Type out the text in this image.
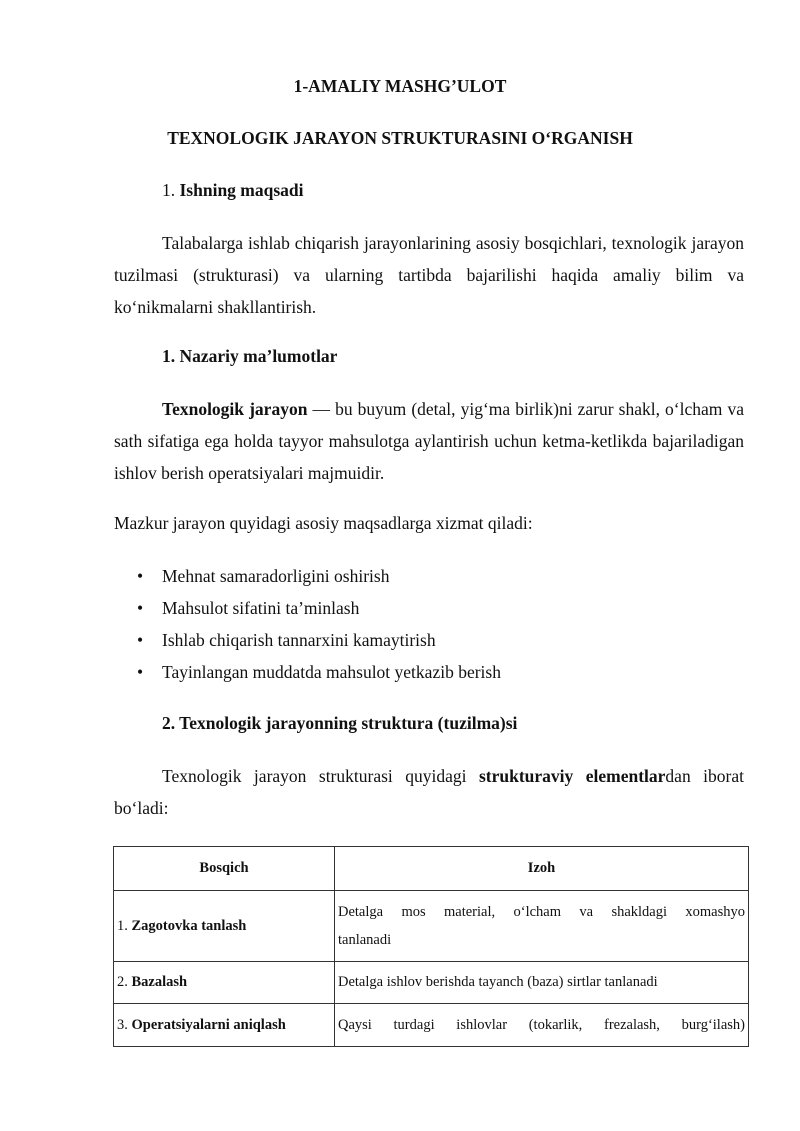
1-AMALIY MASHG’ULOT
TEXNOLOGIK JARAYON STRUKTURASINI O‘RGANISH
1. Ishning maqsadi
Talabalarga ishlab chiqarish jarayonlarining asosiy bosqichlari, texnologik jarayon tuzilmasi (strukturasi) va ularning tartibda bajarilishi haqida amaliy bilim va ko‘nikmalarni shakllantirish.
1. Nazariy ma’lumotlar
Texnologik jarayon — bu buyum (detal, yig‘ma birlik)ni zarur shakl, o‘lcham va sath sifatiga ega holda tayyor mahsulotga aylantirish uchun ketma-ketlikda bajariladigan ishlov berish operatsiyalari majmuidir.
Mazkur jarayon quyidagi asosiy maqsadlarga xizmat qiladi:
• Mehnat samaradorligini oshirish
• Mahsulot sifatini ta’minlash
• Ishlab chiqarish tannarxini kamaytirish
• Tayinlangan muddatda mahsulot yetkazib berish
2. Texnologik jarayonning struktura (tuzilma)si
Texnologik jarayon strukturasi quyidagi strukturaviy elementlardan iborat bo‘ladi:
Bosqich	Izoh
1. Zagotovka tanlash	Detalga mos material, o‘lcham va shakldagi xomashyo
tanlanadi

2. Bazalash	Detalga ishlov berishda tayanch (baza) sirtlar tanlanadi
3. Operatsiyalarni aniqlash	Qaysi turdagi ishlovlar (tokarlik, frezalash, burg‘ilash)
